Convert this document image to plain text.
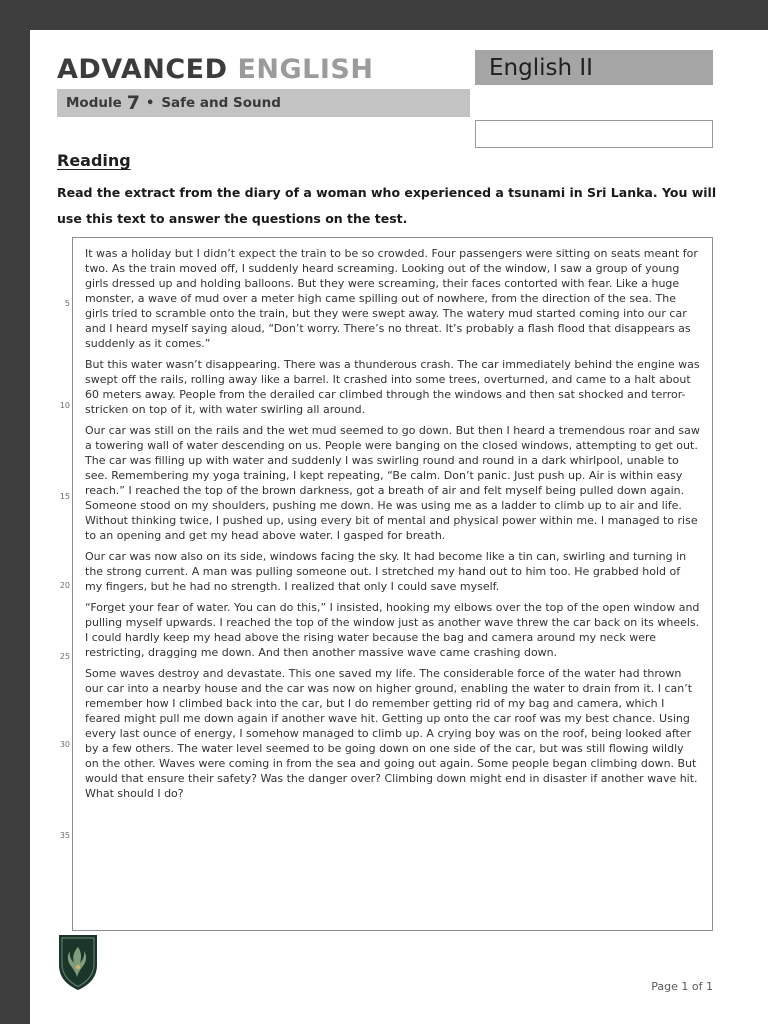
ADVANCED ENGLISH	English II
Module 7 • Safe and Sound
Reading
Read the extract from the diary of a woman who experienced a tsunami in Sri Lanka. You will use this text to answer the questions on the test.
5
10
15
20
25
30
35

It was a holiday but I didn’t expect the train to be so crowded. Four passengers were sitting on seats meant for two. As the train moved off, I suddenly heard screaming. Looking out of the window, I saw a group of young girls dressed up and holding balloons. But they were screaming, their faces contorted with fear. Like a huge monster, a wave of mud over a meter high came spilling out of nowhere, from the direction of the sea. The girls tried to scramble onto the train, but they were swept away. The watery mud started coming into our car and I heard myself saying aloud, “Don’t worry. There’s no threat. It’s probably a flash flood that disappears as suddenly as it comes.”

But this water wasn’t disappearing. There was a thunderous crash. The car immediately behind the engine was swept off the rails, rolling away like a barrel. It crashed into some trees, overturned, and came to a halt about 60 meters away. People from the derailed car climbed through the windows and then sat shocked and terror-stricken on top of it, with water swirling all around.

Our car was still on the rails and the wet mud seemed to go down. But then I heard a tremendous roar and saw a towering wall of water descending on us. People were banging on the closed windows, attempting to get out. The car was filling up with water and suddenly I was swirling round and round in a dark whirlpool, unable to see. Remembering my yoga training, I kept repeating, “Be calm. Don’t panic. Just push up. Air is within easy reach.” I reached the top of the brown darkness, got a breath of air and felt myself being pulled down again. Someone stood on my shoulders, pushing me down. He was using me as a ladder to climb up to air and life. Without thinking twice, I pushed up, using every bit of mental and physical power within me. I managed to rise to an opening and get my head above water. I gasped for breath.

Our car was now also on its side, windows facing the sky. It had become like a tin can, swirling and turning in the strong current. A man was pulling someone out. I stretched my hand out to him too. He grabbed hold of my fingers, but he had no strength. I realized that only I could save myself.

“Forget your fear of water. You can do this,” I insisted, hooking my elbows over the top of the open window and pulling myself upwards. I reached the top of the window just as another wave threw the car back on its wheels. I could hardly keep my head above the rising water because the bag and camera around my neck were restricting, dragging me down. And then another massive wave came crashing down.

Some waves destroy and devastate. This one saved my life. The considerable force of the water had thrown our car into a nearby house and the car was now on higher ground, enabling the water to drain from it. I can’t remember how I climbed back into the car, but I do remember getting rid of my bag and camera, which I feared might pull me down again if another wave hit. Getting up onto the car roof was my best chance. Using every last ounce of energy, I somehow managed to climb up. A crying boy was on the roof, being looked after by a few others. The water level seemed to be going down on one side of the car, but was still flowing wildly on the other. Waves were coming in from the sea and going out again. Some people began climbing down. But would that ensure their safety? Was the danger over? Climbing down might end in disaster if another wave hit. What should I do?

Page 1 of 1
